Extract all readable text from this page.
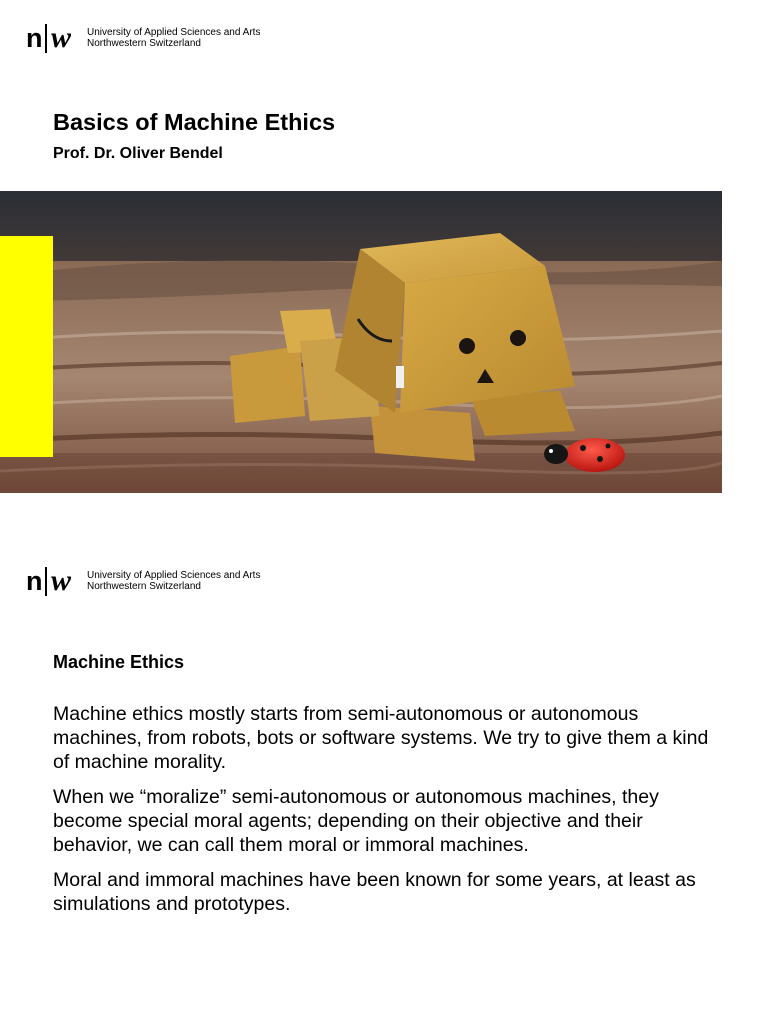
n w University of Applied Sciences and Arts
Northwestern Switzerland
Basics of Machine Ethics

Prof. Dr. Oliver Bendel

n w University of Applied Sciences and Arts
Northwestern Switzerland
Machine Ethics

Machine ethics mostly starts from semi-autonomous or autonomous machines, from robots, bots or software systems. We try to give them a kind of machine morality.

When we “moralize” semi-autonomous or autonomous machines, they become special moral agents; depending on their objective and their behavior, we can call them moral or immoral machines.

Moral and immoral machines have been known for some years, at least as simulations and prototypes.
